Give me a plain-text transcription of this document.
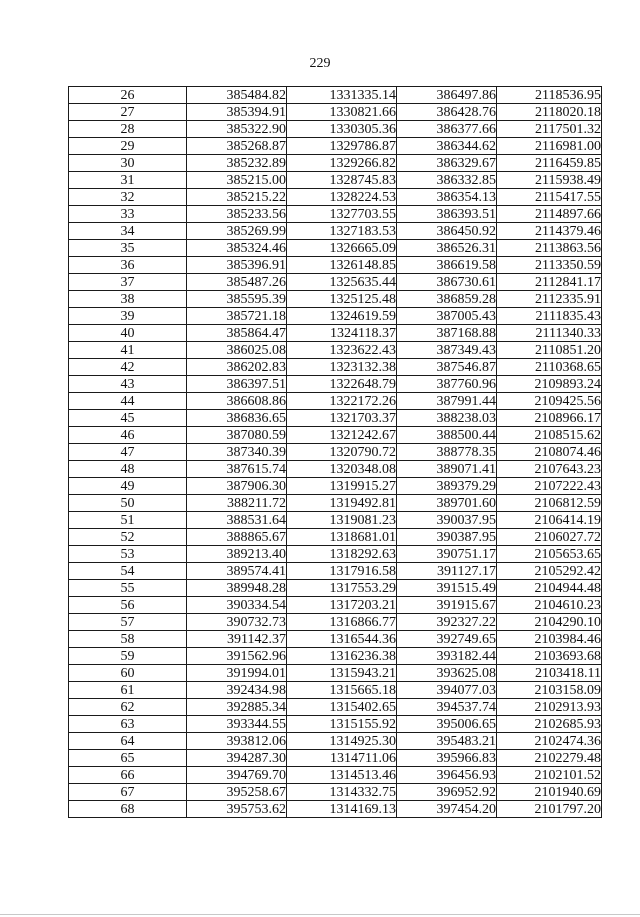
229
26	385484.82	1331335.14	386497.86	2118536.95
27	385394.91	1330821.66	386428.76	2118020.18
28	385322.90	1330305.36	386377.66	2117501.32
29	385268.87	1329786.87	386344.62	2116981.00
30	385232.89	1329266.82	386329.67	2116459.85
31	385215.00	1328745.83	386332.85	2115938.49
32	385215.22	1328224.53	386354.13	2115417.55
33	385233.56	1327703.55	386393.51	2114897.66
34	385269.99	1327183.53	386450.92	2114379.46
35	385324.46	1326665.09	386526.31	2113863.56
36	385396.91	1326148.85	386619.58	2113350.59
37	385487.26	1325635.44	386730.61	2112841.17
38	385595.39	1325125.48	386859.28	2112335.91
39	385721.18	1324619.59	387005.43	2111835.43
40	385864.47	1324118.37	387168.88	2111340.33
41	386025.08	1323622.43	387349.43	2110851.20
42	386202.83	1323132.38	387546.87	2110368.65
43	386397.51	1322648.79	387760.96	2109893.24
44	386608.86	1322172.26	387991.44	2109425.56
45	386836.65	1321703.37	388238.03	2108966.17
46	387080.59	1321242.67	388500.44	2108515.62
47	387340.39	1320790.72	388778.35	2108074.46
48	387615.74	1320348.08	389071.41	2107643.23
49	387906.30	1319915.27	389379.29	2107222.43
50	388211.72	1319492.81	389701.60	2106812.59
51	388531.64	1319081.23	390037.95	2106414.19
52	388865.67	1318681.01	390387.95	2106027.72
53	389213.40	1318292.63	390751.17	2105653.65
54	389574.41	1317916.58	391127.17	2105292.42
55	389948.28	1317553.29	391515.49	2104944.48
56	390334.54	1317203.21	391915.67	2104610.23
57	390732.73	1316866.77	392327.22	2104290.10
58	391142.37	1316544.36	392749.65	2103984.46
59	391562.96	1316236.38	393182.44	2103693.68
60	391994.01	1315943.21	393625.08	2103418.11
61	392434.98	1315665.18	394077.03	2103158.09
62	392885.34	1315402.65	394537.74	2102913.93
63	393344.55	1315155.92	395006.65	2102685.93
64	393812.06	1314925.30	395483.21	2102474.36
65	394287.30	1314711.06	395966.83	2102279.48
66	394769.70	1314513.46	396456.93	2102101.52
67	395258.67	1314332.75	396952.92	2101940.69
68	395753.62	1314169.13	397454.20	2101797.20
